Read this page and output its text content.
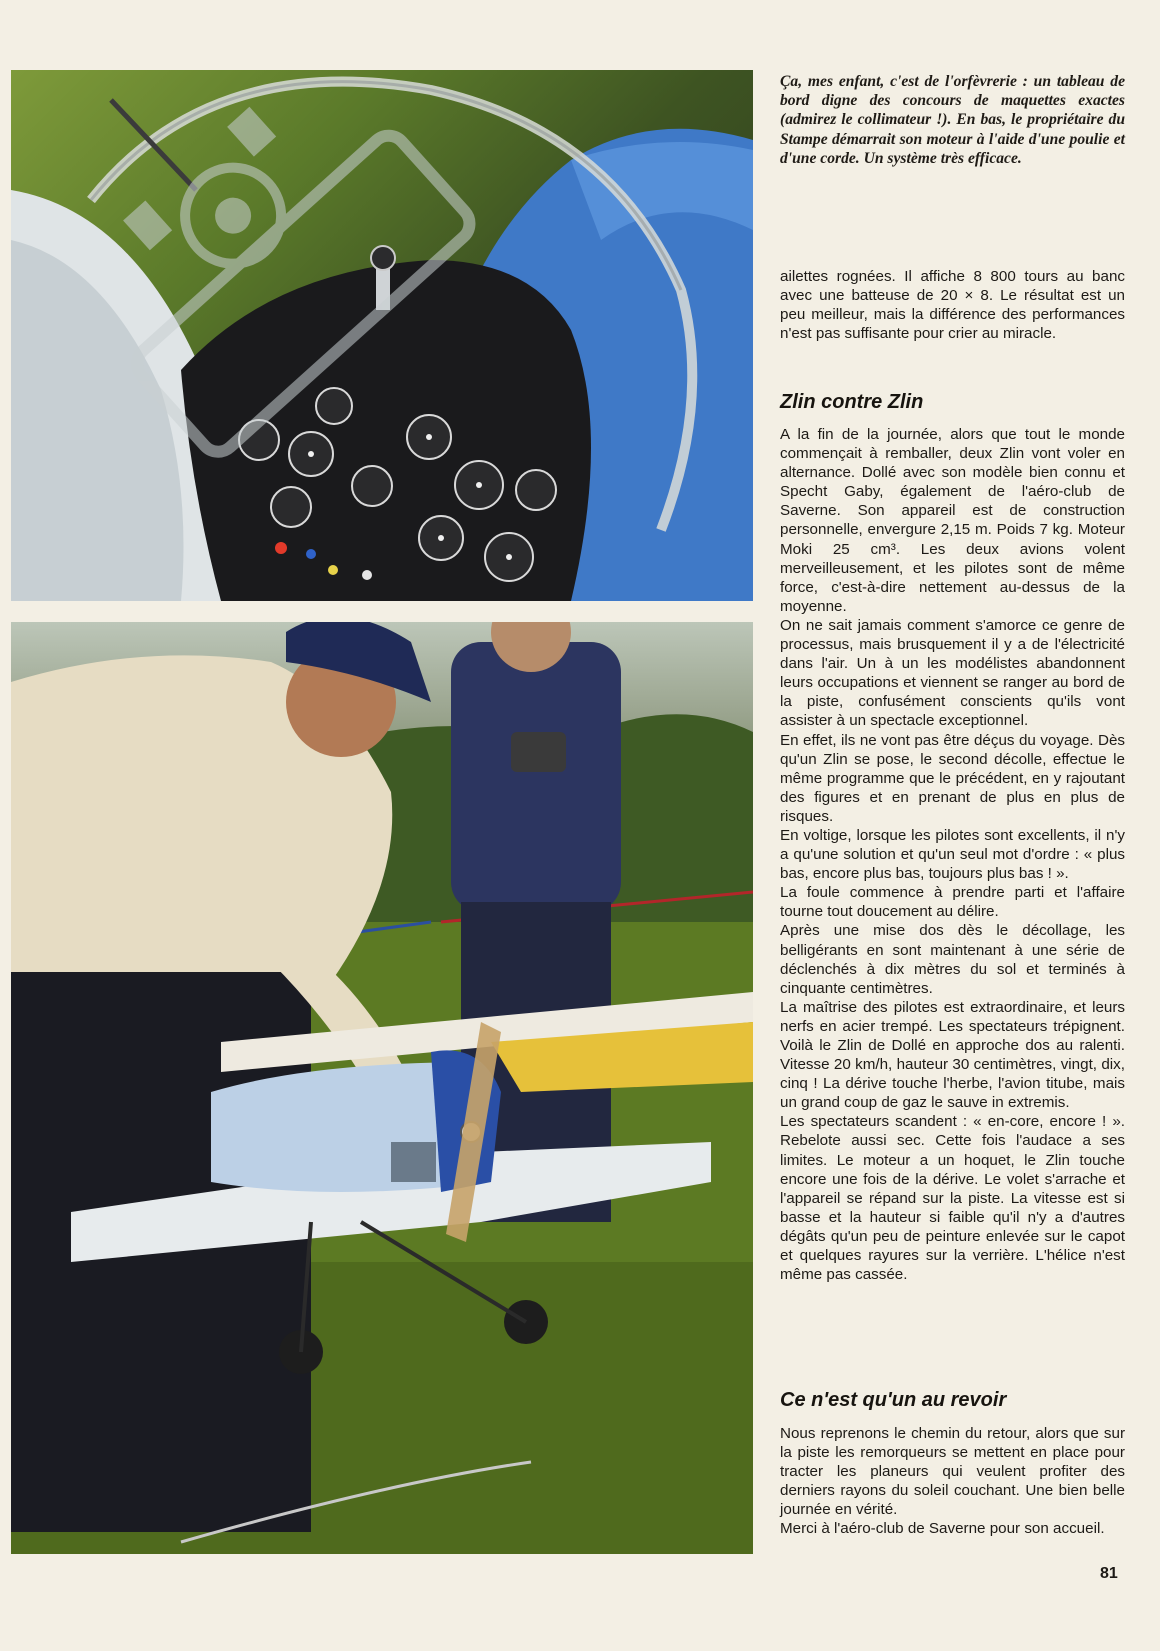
Ça, mes enfant, c'est de l'orfèvrerie : un tableau de bord digne des concours de maquettes exactes (admirez le collimateur !). En bas, le propriétaire du Stampe démarrait son moteur à l'aide d'une poulie et d'une corde. Un système très efficace.
ailettes rognées. Il affiche 8 800 tours au banc avec une batteuse de 20 × 8. Le résultat est un peu meilleur, mais la différence des performances n'est pas suffisante pour crier au miracle.
Zlin contre Zlin

A la fin de la journée, alors que tout le monde commençait à remballer, deux Zlin vont voler en alternance. Dollé avec son modèle bien connu et Specht Gaby, également de l'aéro-club de Saverne. Son appareil est de construction personnelle, envergure 2,15 m. Poids 7 kg. Moteur Moki 25 cm³. Les deux avions volent merveilleusement, et les pilotes sont de même force, c'est-à-dire nettement au-dessus de la moyenne.

On ne sait jamais comment s'amorce ce genre de processus, mais brusquement il y a de l'électricité dans l'air. Un à un les modélistes abandonnent leurs occupations et viennent se ranger au bord de la piste, confusément conscients qu'ils vont assister à un spectacle exceptionnel.

En effet, ils ne vont pas être déçus du voyage. Dès qu'un Zlin se pose, le second décolle, effectue le même programme que le précédent, en y rajoutant des figures et en prenant de plus en plus de risques.

En voltige, lorsque les pilotes sont excellents, il n'y a qu'une solution et qu'un seul mot d'ordre : « plus bas, encore plus bas, toujours plus bas ! ».

La foule commence à prendre parti et l'affaire tourne tout doucement au délire.

Après une mise dos dès le décollage, les belligérants en sont maintenant à une série de déclenchés à dix mètres du sol et terminés à cinquante centimètres.

La maîtrise des pilotes est extraordinaire, et leurs nerfs en acier trempé. Les spectateurs trépignent. Voilà le Zlin de Dollé en approche dos au ralenti. Vitesse 20 km/h, hauteur 30 centimètres, vingt, dix, cinq ! La dérive touche l'herbe, l'avion titube, mais un grand coup de gaz le sauve in extremis.

Les spectateurs scandent : « en-core, encore ! ». Rebelote aussi sec. Cette fois l'audace a ses limites. Le moteur a un hoquet, le Zlin touche encore une fois de la dérive. Le volet s'arrache et l'appareil se répand sur la piste. La vitesse est si basse et la hauteur si faible qu'il n'y a d'autres dégâts qu'un peu de peinture enlevée sur le capot et quelques rayures sur la verrière. L'hélice n'est même pas cassée.

Ce n'est qu'un au revoir

Nous reprenons le chemin du retour, alors que sur la piste les remorqueurs se mettent en place pour tracter les planeurs qui veulent profiter des derniers rayons du soleil couchant. Une bien belle journée en vérité.

Merci à l'aéro-club de Saverne pour son accueil.

81
